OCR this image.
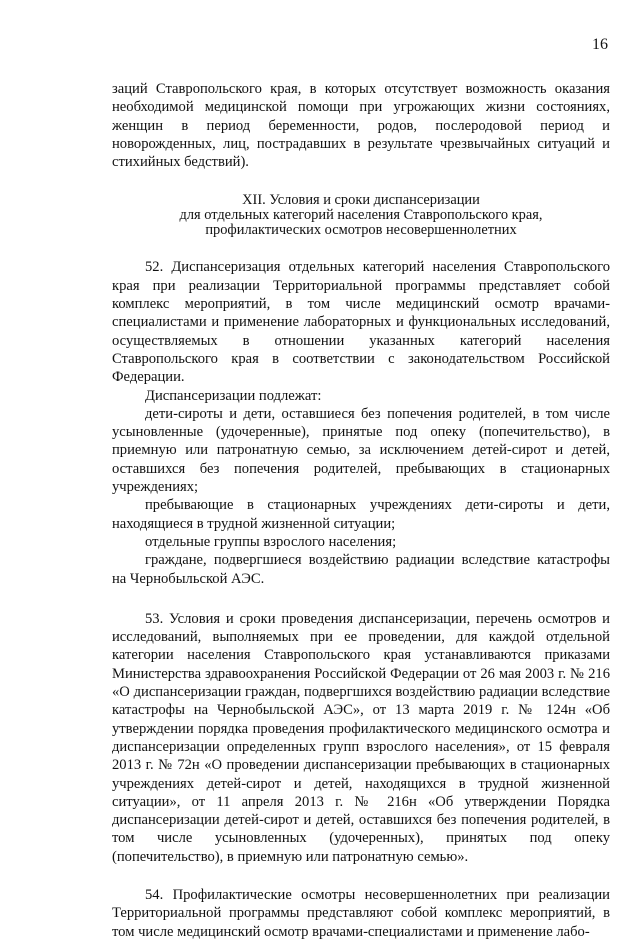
16

заций Ставропольского края, в которых отсутствует возможность оказания необходимой медицинской помощи при угрожающих жизни состояниях, женщин в период беременности, родов, послеродовой период и новорожденных, лиц, пострадавших в результате чрезвычайных ситуаций и стихийных бедствий).

XII. Условия и сроки диспансеризации
для отдельных категорий населения Ставропольского края,
профилактических осмотров несовершеннолетних

52. Диспансеризация отдельных категорий населения Ставропольского края при реализации Территориальной программы представляет собой комплекс мероприятий, в том числе медицинский осмотр врачами-специалистами и применение лабораторных и функциональных исследований, осуществляемых в отношении указанных категорий населения Ставропольского края в соответствии с законодательством Российской Федерации.

Диспансеризации подлежат:

дети-сироты и дети, оставшиеся без попечения родителей, в том числе усыновленные (удочеренные), принятые под опеку (попечительство), в приемную или патронатную семью, за исключением детей-сирот и детей, оставшихся без попечения родителей, пребывающих в стационарных учреждениях;

пребывающие в стационарных учреждениях дети-сироты и дети, находящиеся в трудной жизненной ситуации;

отдельные группы взрослого населения;

граждане, подвергшиеся воздействию радиации вследствие катастрофы на Чернобыльской АЭС.

53. Условия и сроки проведения диспансеризации, перечень осмотров и исследований, выполняемых при ее проведении, для каждой отдельной категории населения Ставропольского края устанавливаются приказами Министерства здравоохранения Российской Федерации от 26 мая 2003 г. № 216 «О диспансеризации граждан, подвергшихся воздействию радиации вследствие катастрофы на Чернобыльской АЭС», от 13 марта 2019 г. № 124н «Об утверждении порядка проведения профилактического медицинского осмотра и диспансеризации определенных групп взрослого населения», от 15 февраля 2013 г. № 72н «О проведении диспансеризации пребывающих в стационарных учреждениях детей-сирот и детей, находящихся в трудной жизненной ситуации», от 11 апреля 2013 г. № 216н «Об утверждении Порядка диспансеризации детей-сирот и детей, оставшихся без попечения родителей, в том числе усыновленных (удочеренных), принятых под опеку (попечительство), в приемную или патронатную семью».

54. Профилактические осмотры несовершеннолетних при реализации Территориальной программы представляют собой комплекс мероприятий, в том числе медицинский осмотр врачами-специалистами и применение лабо-
